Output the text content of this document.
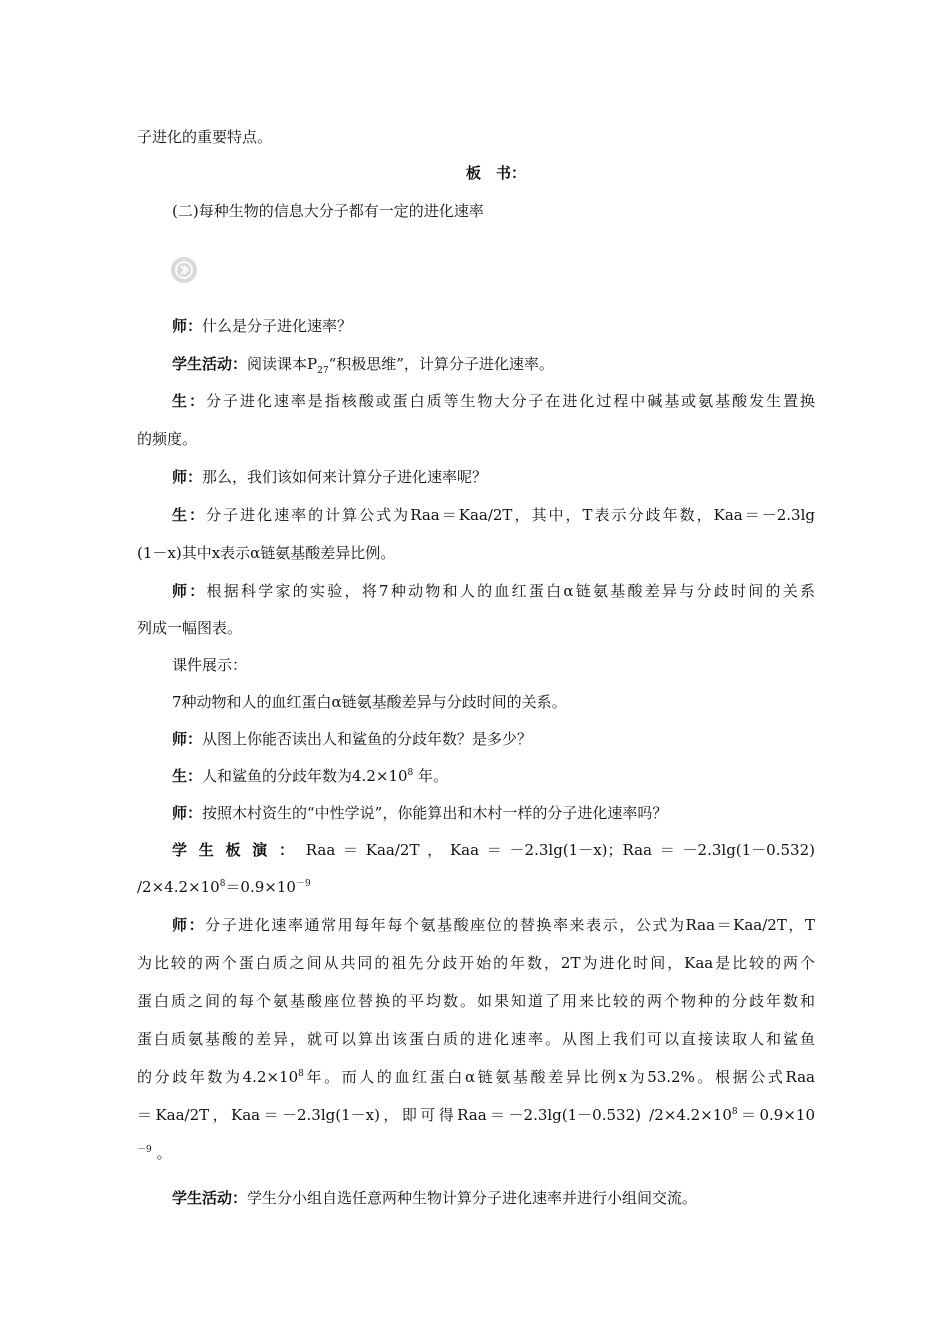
子进化的重要特点。
板　书：
(二)每种生物的信息大分子都有一定的进化速率
师：什么是分子进化速率？
学生活动：阅读课本$P_{27}“$积极思维”，计算分子进化速率。
生：分子进化速率是指核酸或蛋白质等生物大分子在进化过程中碱基或氨基酸发生置换
的频度。
师：那么，我们该如何来计算分子进化速率呢？
生：分子进化速率的计算公式为Raa＝Kaa/2T，其中，T表示分歧年数，Kaa＝－2.3lg
(1－x)其中x表示α链氨基酸差异比例。
师：根据科学家的实验，将7种动物和人的血红蛋白α链氨基酸差异与分歧时间的关系
列成一幅图表。
课件展示：
7种动物和人的血红蛋白α链氨基酸差异与分歧时间的关系。
师：从图上你能否读出人和鲨鱼的分歧年数？是多少？
生：人和鲨鱼的分歧年数为$4.2\times 10^8$ 年。
师：按照木村资生的“中性学说”，你能算出和木村一样的分子进化速率吗？
学生板演：Raa＝Kaa/2T，Kaa＝－2.3lg(1－x)；Raa＝－2.3lg(1－0.532)
$/2\times 4.2\times 10^8=0.9\times 10^{-9}$
师：分子进化速率通常用每年每个氨基酸座位的替换率来表示，公式为Raa＝Kaa/2T，T
为比较的两个蛋白质之间从共同的祖先分歧开始的年数，2T为进化时间，Kaa是比较的两个
蛋白质之间的每个氨基酸座位替换的平均数。如果知道了用来比较的两个物种的分歧年数和
蛋白质氨基酸的差异，就可以算出该蛋白质的进化速率。从图上我们可以直接读取人和鲨鱼
的分歧年数为$4.2\times 10^8$年。而人的血红蛋白α链氨基酸差异比例x为53.2%。根据公式Raa
＝Kaa/2T，Kaa＝－2.3lg(1－x)，即可得Raa＝－2.3lg(1－0.532) $/2\times 4.2\times 10^8=0.9\times 10$
$^{-9}$ 。
学生活动：学生分小组自选任意两种生物计算分子进化速率并进行小组间交流。
